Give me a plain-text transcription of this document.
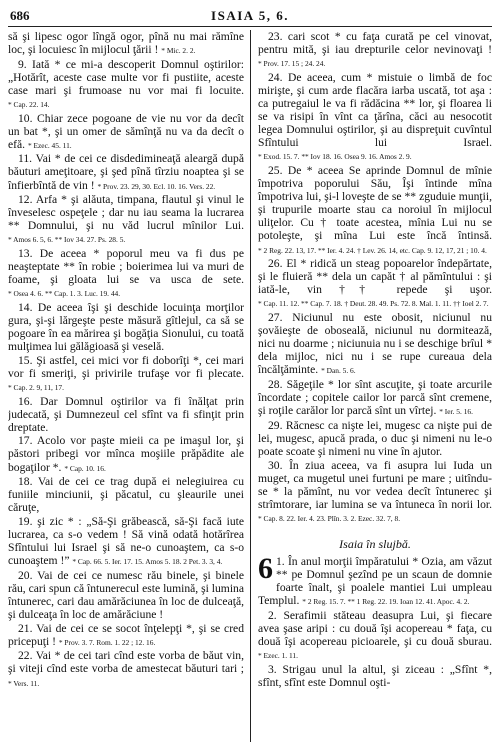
686	ISAIA 5, 6.

să şi lipesc ogor lîngă ogor, pînă nu mai rămîne loc, şi locuiesc în mijlocul ţării ! * Mic. 2. 2.

9. Iată * ce mi-a descoperit Domnul oştirilor: „Hotărît, aceste case multe vor fi pustiite, aceste case mari şi frumoase nu vor mai fi locuite. * Cap. 22. 14.

10. Chiar zece pogoane de vie nu vor da decît un bat *, şi un omer de sămînţă nu va da decît o efă. * Ezec. 45. 11.

11. Vai * de cei ce disdedimineaţă aleargă după băuturi ameţitoare, şi şed pînă tîrziu noaptea şi se înfierbîntă de vin ! * Prov. 23. 29, 30. Ecl. 10. 16. Vers. 22.

12. Arfa * şi alăuta, timpana, flautul şi vinul le înveselesc ospeţele ; dar nu iau seama la lucrarea ** Domnului, şi nu văd lucrul mînilor Lui. * Amos 6. 5, 6. ** Iov 34. 27. Ps. 28. 5.

13. De aceea * poporul meu va fi dus pe neaşteptate ** în robie ; boierimea lui va muri de foame, şi gloata lui se va usca de sete. * Osea 4. 6. ** Cap. 1. 3. Luc. 19. 44.

14. De aceea îşi şi deschide locuinţa morţilor gura, şi-şi lărgeşte peste măsură gîtlejul, ca să se pogoare în ea mărirea şi bogăţia Sionului, cu toată mulţimea lui gălăgioasă şi veselă.

15. Şi astfel, cei mici vor fi doborîţi *, cei mari vor fi smeriţi, şi privirile trufaşe vor fi plecate. * Cap. 2. 9, 11, 17.

16. Dar Domnul oştirilor va fi înălţat prin judecată, şi Dumnezeul cel sfînt va fi sfinţit prin dreptate.

17. Acolo vor paşte mieii ca pe imaşul lor, şi păstori pribegi vor mînca moşiile prăpădite ale bogaţilor *. * Cap. 10. 16.

18. Vai de cei ce trag după ei nelegiuirea cu funiile minciunii, şi păcatul, cu şleaurile unei căruţe,

19. şi zic * : „Să-Şi grăbească, să-Şi facă iute lucrarea, ca s-o vedem ! Să vină odată hotărîrea Sfîntului lui Israel şi să ne-o cunoaştem, ca s-o cunoaştem !” * Cap. 66. 5. Ier. 17. 15. Amos 5. 18. 2 Pet. 3. 3, 4.

20. Vai de cei ce numesc rău binele, şi binele rău, cari spun că întunerecul este lumină, şi lumina întunerec, cari dau amărăciunea în loc de dulceaţă, şi dulceaţa în loc de amărăciune !

21. Vai de cei ce se socot înţelepţi *, şi se cred pricepuţi ! * Prov. 3. 7. Rom. 1. 22 ; 12. 16.

22. Vai * de cei tari cînd este vorba de băut vin, şi viteji cînd este vorba de amestecat băuturi tari ; * Vers. 11.

23. cari scot * cu faţa curată pe cel vinovat, pentru mită, şi iau drepturile celor nevinovaţi ! * Prov. 17. 15 ; 24. 24.

24. De aceea, cum * mistuie o limbă de foc mirişte, şi cum arde flacăra iarba uscată, tot aşa : ca putregaiul le va fi rădăcina ** lor, şi floarea li se va risipi în vînt ca ţărîna, căci au nesocotit legea Domnului oştirilor, şi au dispreţuit cuvîntul Sfîntului lui Israel. * Exod. 15. 7. ** Iov 18. 16. Osea 9. 16. Amos 2. 9.

25. De * aceea Se aprinde Domnul de mînie împotriva poporului Său, Îşi întinde mîna împotriva lui, şi-l loveşte de se ** zguduie munţii, şi trupurile moarte stau ca noroiul în mijlocul uliţelor. Cu † toate acestea, mînia Lui nu se potoleşte, şi mîna Lui este încă întinsă. * 2 Reg. 22. 13, 17. ** Ier. 4. 24. † Lev. 26. 14, etc. Cap. 9. 12, 17, 21 ; 10. 4.

26. El * ridică un steag popoarelor îndepărtate, şi le fluieră ** dela un capăt † al pămîntului : şi iată-le, vin †† repede şi uşor. * Cap. 11. 12. ** Cap. 7. 18. † Deut. 28. 49. Ps. 72. 8. Mal. 1. 11. †† Ioel 2. 7.

27. Niciunul nu este obosit, niciunul nu şovăieşte de oboseală, niciunul nu dormitează, nici nu doarme ; niciunuia nu i se deschige brîul * dela mijloc, nici nu i se rupe cureaua dela încălţăminte. * Dan. 5. 6.

28. Săgeţile * lor sînt ascuţite, şi toate arcurile încordate ; copitele cailor lor parcă sînt cremene, şi roţile carălor lor parcă sînt un vîrtej. * Ier. 5. 16.

29. Răcnesc ca nişte lei, mugesc ca nişte pui de lei, mugesc, apucă prada, o duc şi nimeni nu le-o poate scoate şi nimeni nu vine în ajutor.

30. În ziua aceea, va fi asupra lui Iuda un muget, ca mugetul unei furtuni pe mare ; uitîndu-se * la pămînt, nu vor vedea decît întunerec şi strîmtorare, iar lumina se va întuneca în norii lor. * Cap. 8. 22. Ier. 4. 23. Plîn. 3. 2. Ezec. 32. 7, 8.

Isaia în slujbă.
6 1. În anul morţii împăratului * Ozia, am văzut ** pe Domnul şezînd pe un scaun de domnie foarte înalt, şi poalele mantiei Lui umpleau Templul. * 2 Reg. 15. 7. ** 1 Reg. 22. 19. Ioan 12. 41. Apoc. 4. 2.

2. Serafimii stăteau deasupra Lui, şi fiecare avea şase aripi : cu două îşi acopereau * faţa, cu două îşi acopereau picioarele, şi cu două sburau. * Ezec. 1. 11.

3. Strigau unul la altul, şi ziceau : „Sfînt *, sfînt, sfînt este Domnul oşti-
